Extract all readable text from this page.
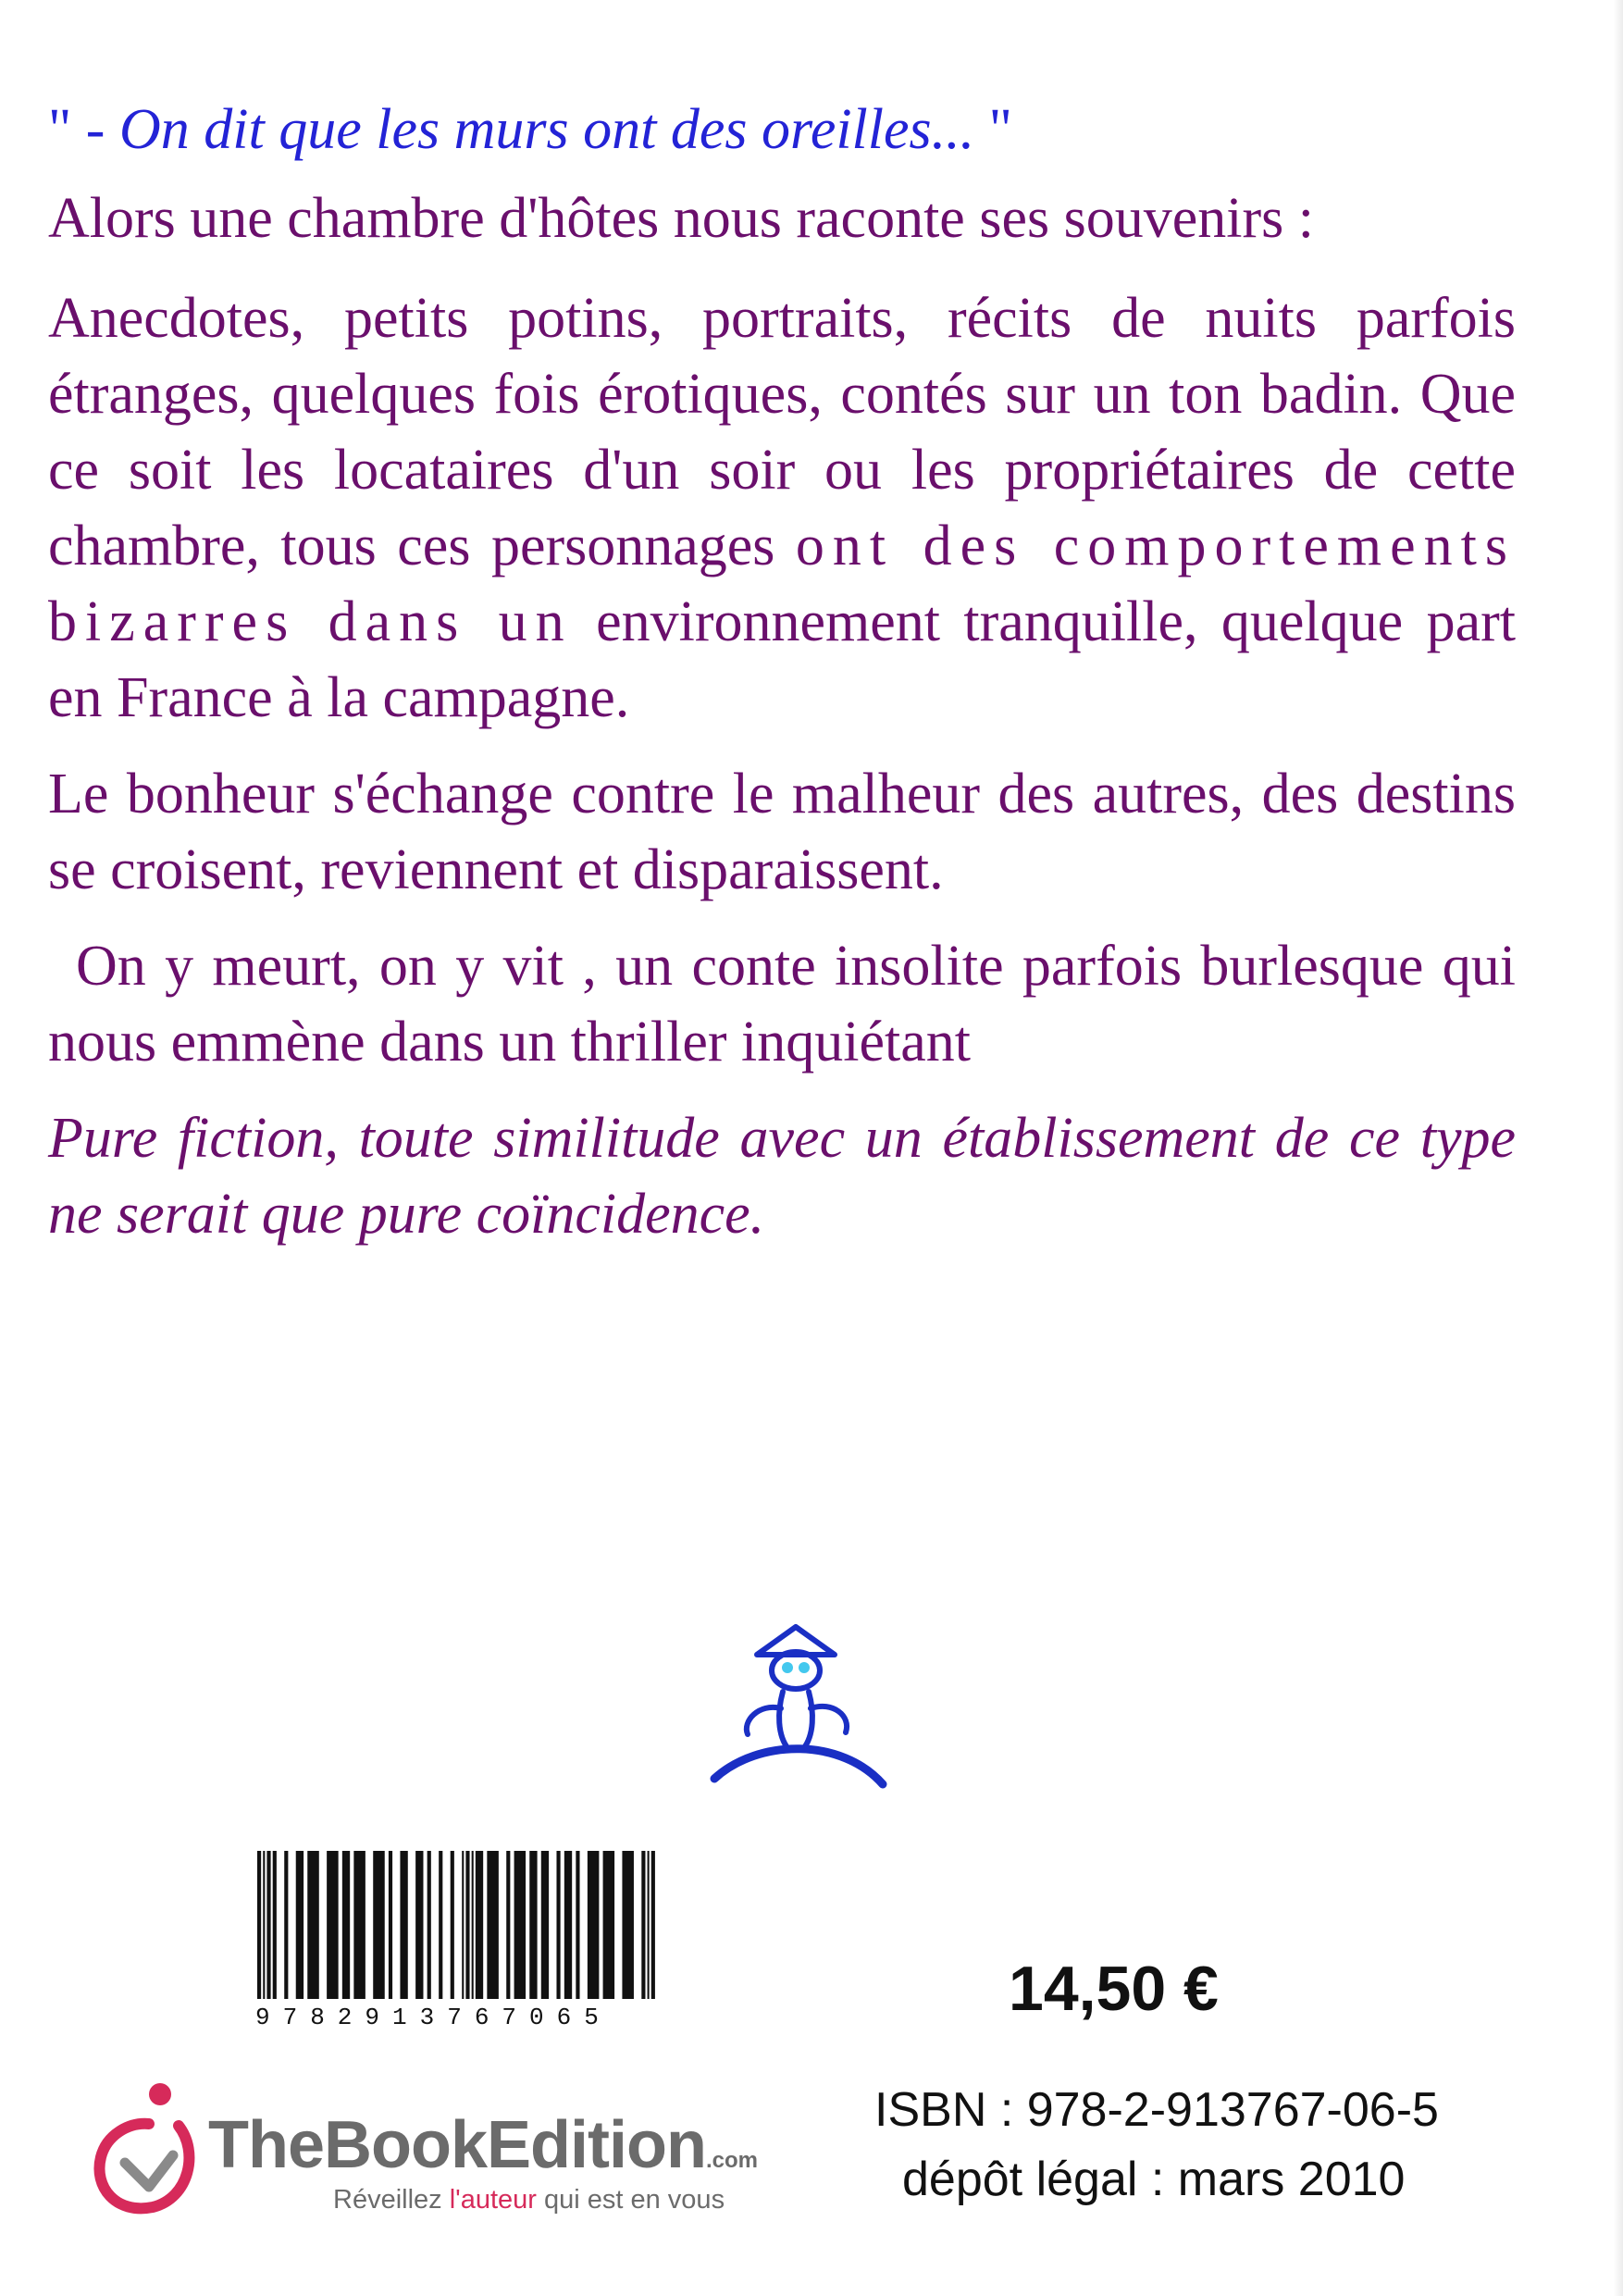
" - On dit que les murs ont des oreilles... "

Alors une chambre d'hôtes nous raconte ses souvenirs :

Anecdotes, petits potins, portraits, récits de nuits parfois étranges, quelques fois érotiques, contés sur un ton badin. Que ce soit les locataires d'un soir ou les propriétaires de cette chambre, tous ces personnages ont des comportements bizarres dans un environnement tranquille, quelque part en France à la campagne.

Le bonheur s'échange contre le malheur des autres, des destins se croisent, reviennent et disparaissent.

On y meurt, on y vit , un conte insolite parfois burlesque qui nous emmène dans un thriller inquiétant

Pure fiction, toute similitude avec un établissement de ce type ne serait que pure coïncidence.

9782913767065	14,50 €
ISBN : 978-2-913767-06-5
dépôt légal : mars 2010
TheBookEdition.com
Réveillez l'auteur qui est en vous
